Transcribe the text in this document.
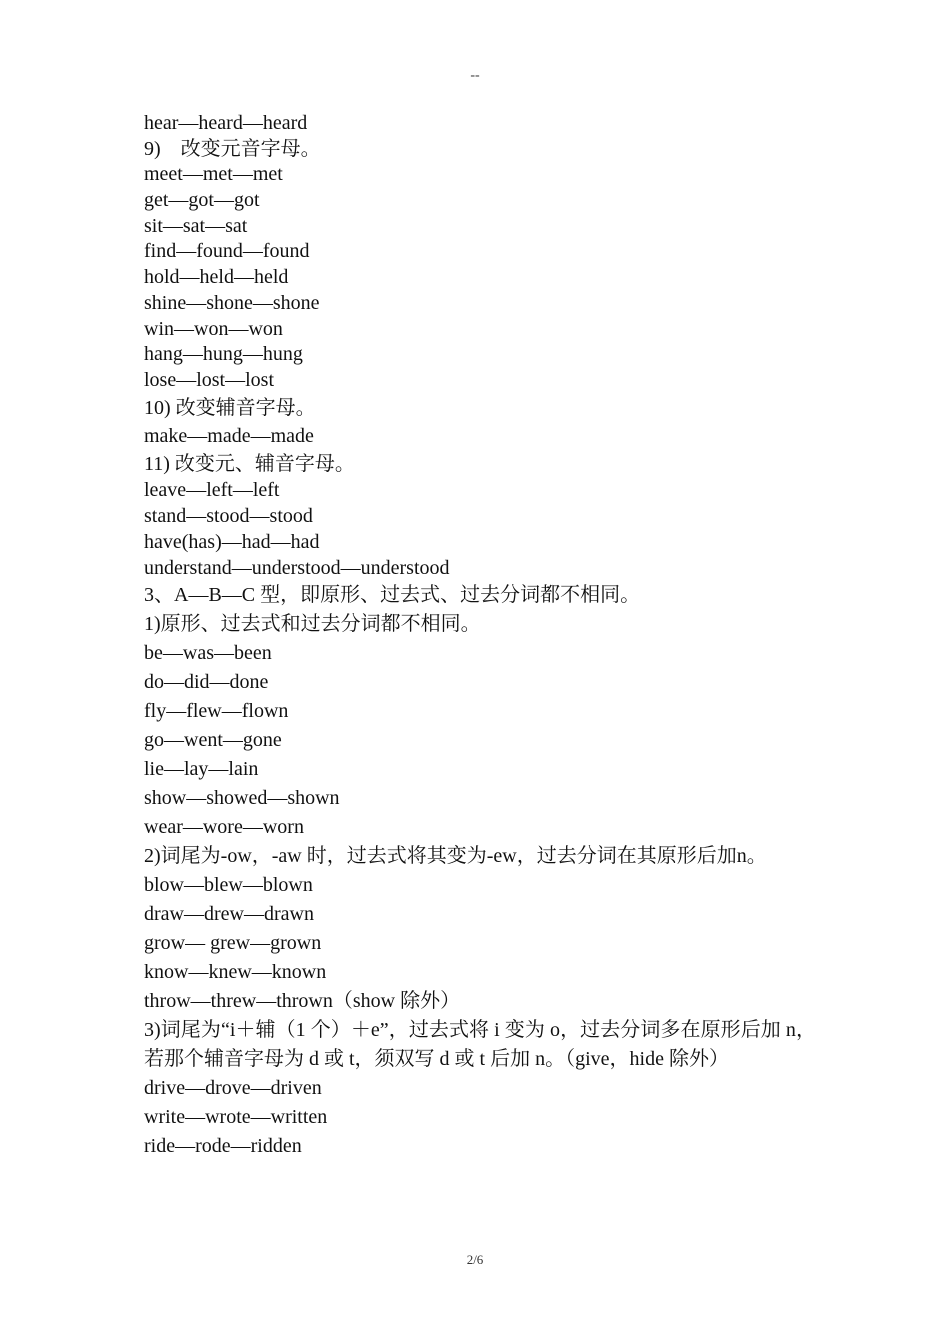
--
hear—heard—heard
9)　改变元音字母。
meet—met—met
get—got—got
sit—sat—sat
find—found—found
hold—held—held
shine—shone—shone
win—won—won
hang—hung—hung
lose—lost—lost
10) 改变辅音字母。
make—made—made
11) 改变元、辅音字母。
leave—left—left
stand—stood—stood
have(has)—had—had
understand—understood—understood
3、A—B—C 型，即原形、过去式、过去分词都不相同。
1)原形、过去式和过去分词都不相同。
be—was—been
do—did—done
fly—flew—flown
go—went—gone
lie—lay—lain
show—showed—shown
wear—wore—worn
2)词尾为-ow，-aw 时，过去式将其变为-ew，过去分词在其原形后加n。
blow—blew—blown
draw—drew—drawn
grow— grew—grown
know—knew—known
throw—threw—thrown（show 除外）
3)词尾为“i＋辅（1 个）＋e”，过去式将 i 变为 o，过去分词多在原形后加 n，若那个辅音字母为 d 或 t，须双写 d 或 t 后加 n。（give，hide 除外）
drive—drove—driven
write—wrote—written
ride—rode—ridden
2/6
